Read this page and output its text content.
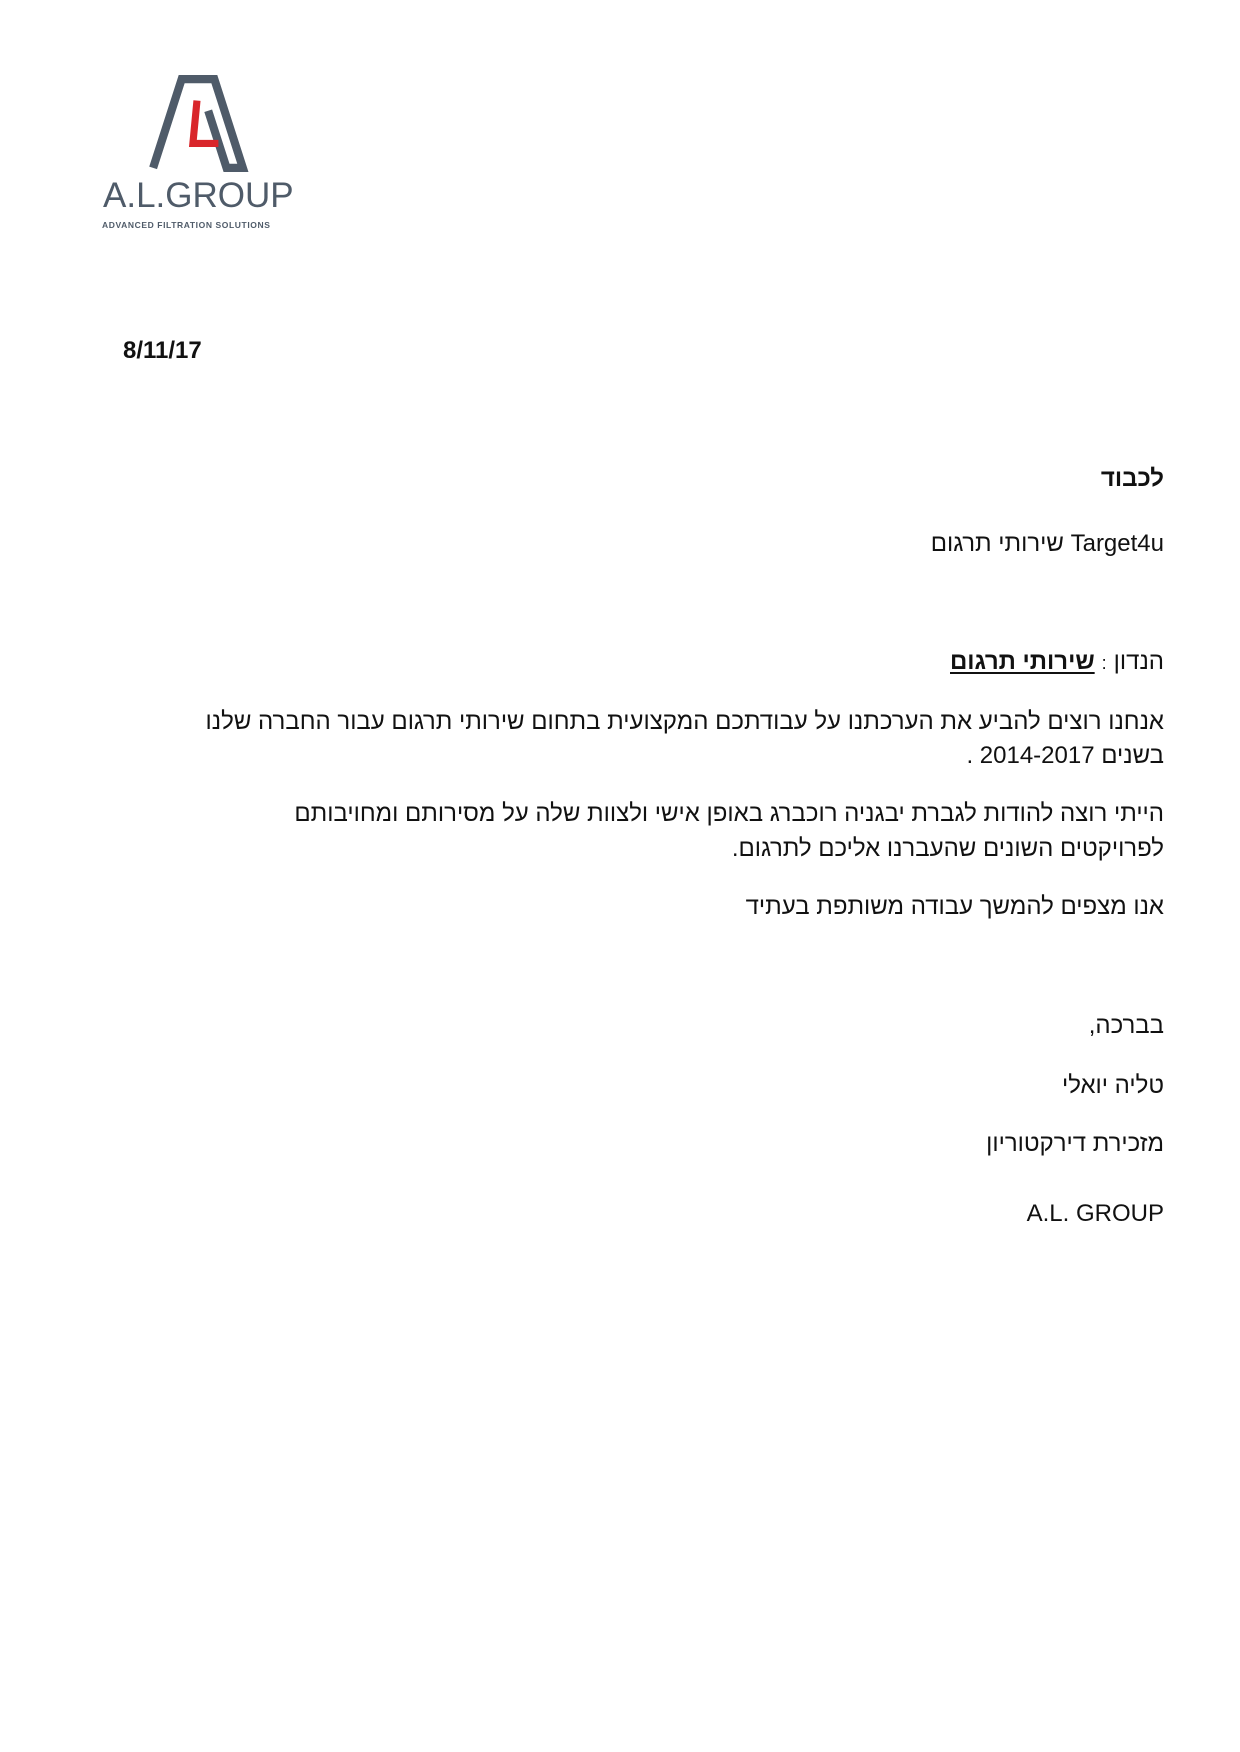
A.L.GROUP
ADVANCED FILTRATION SOLUTIONS
8/11/17
לכבוד
Target4u שירותי תרגום
הנדון:שירותי תרגום
אנחנו רוצים להביע את הערכתנו על עבודתכם המקצועית בתחום שירותי תרגום עבור החברה שלנו
בשנים 2014-2017 .
הייתי רוצה להודות לגברת יבגניה רוכברג באופן אישי ולצוות שלה על מסירותם ומחויבותם
לפרויקטים השונים שהעברנו אליכם לתרגום.
אנו מצפים להמשך עבודה משותפת בעתיד
בברכה,
טליה יואלי
מזכירת דירקטוריון
A.L. GROUP
